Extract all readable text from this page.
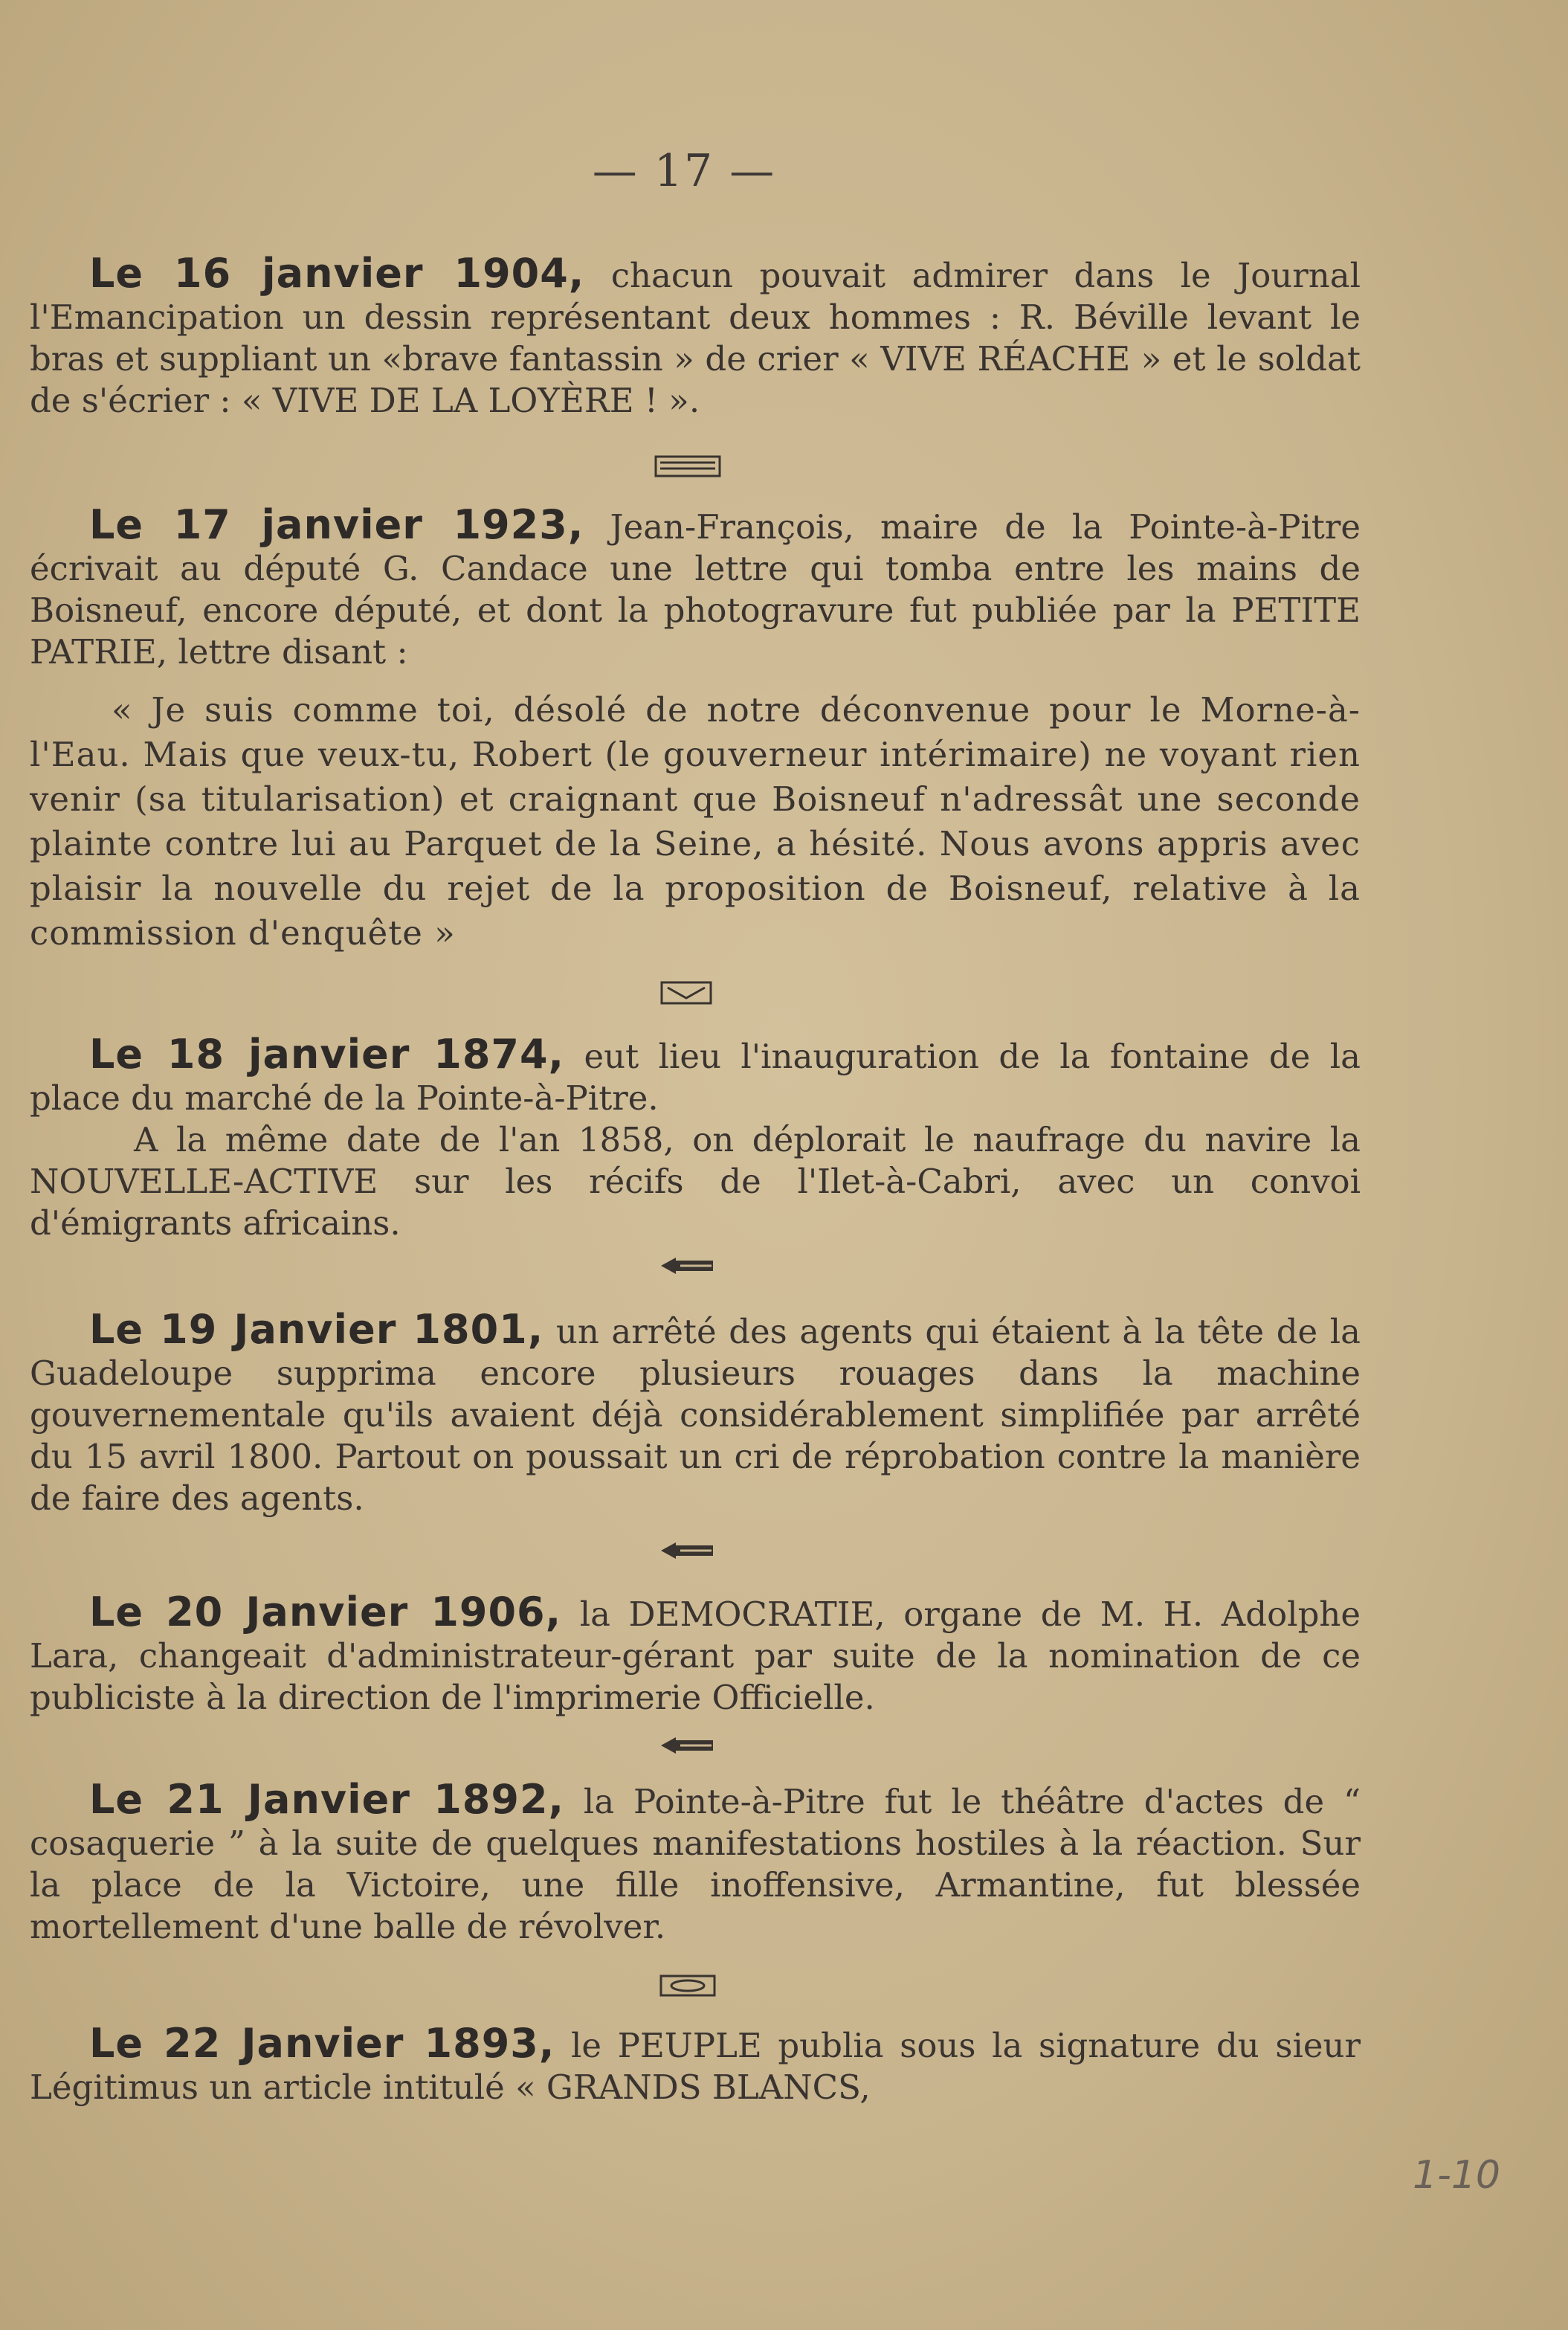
— 17 —
Le 16 janvier 1904, chacun pouvait admirer dans le Journal l'Emancipation un dessin représentant deux hommes : R. Béville levant le bras et suppliant un «brave fantassin » de crier « VIVE RÉACHE » et le soldat de s'écrier : « VIVE DE LA LOYÈRE ! ».
Le 17 janvier 1923, Jean-François, maire de la Pointe-à-Pitre écrivait au député G. Candace une lettre qui tomba entre les mains de Boisneuf, encore député, et dont la photogravure fut publiée par la PETITE PATRIE, lettre disant :
« Je suis comme toi, désolé de notre déconvenue pour le Morne-à-l'Eau. Mais que veux-tu, Robert (le gouverneur intérimaire) ne voyant rien venir (sa titularisation) et craignant que Boisneuf n'adressât une seconde plainte contre lui au Parquet de la Seine, a hésité. Nous avons appris avec plaisir la nouvelle du rejet de la proposition de Boisneuf, relative à la commission d'enquête »
Le 18 janvier 1874, eut lieu l'inauguration de la fontaine de la place du marché de la Pointe-à-Pitre.
A la même date de l'an 1858, on déplorait le naufrage du navire la NOUVELLE-ACTIVE sur les récifs de l'Ilet-à-Cabri, avec un convoi d'émigrants africains.
Le 19 Janvier 1801, un arrêté des agents qui étaient à la tête de la Guadeloupe supprima encore plusieurs rouages dans la machine gouvernementale qu'ils avaient déjà considérablement simplifiée par arrêté du 15 avril 1800. Partout on poussait un cri de réprobation contre la manière de faire des agents.
Le 20 Janvier 1906, la DEMOCRATIE, organe de M. H. Adolphe Lara, changeait d'administrateur-gérant par suite de la nomination de ce publiciste à la direction de l'imprimerie Officielle.
Le 21 Janvier 1892, la Pointe-à-Pitre fut le théâtre d'actes de “ cosaquerie ” à la suite de quelques manifestations hostiles à la réaction. Sur la place de la Victoire, une fille inoffensive, Armantine, fut blessée mortellement d'une balle de révolver.
Le 22 Janvier 1893, le PEUPLE publia sous la signature du sieur Légitimus un article intitulé « GRANDS BLANCS,
1-10
